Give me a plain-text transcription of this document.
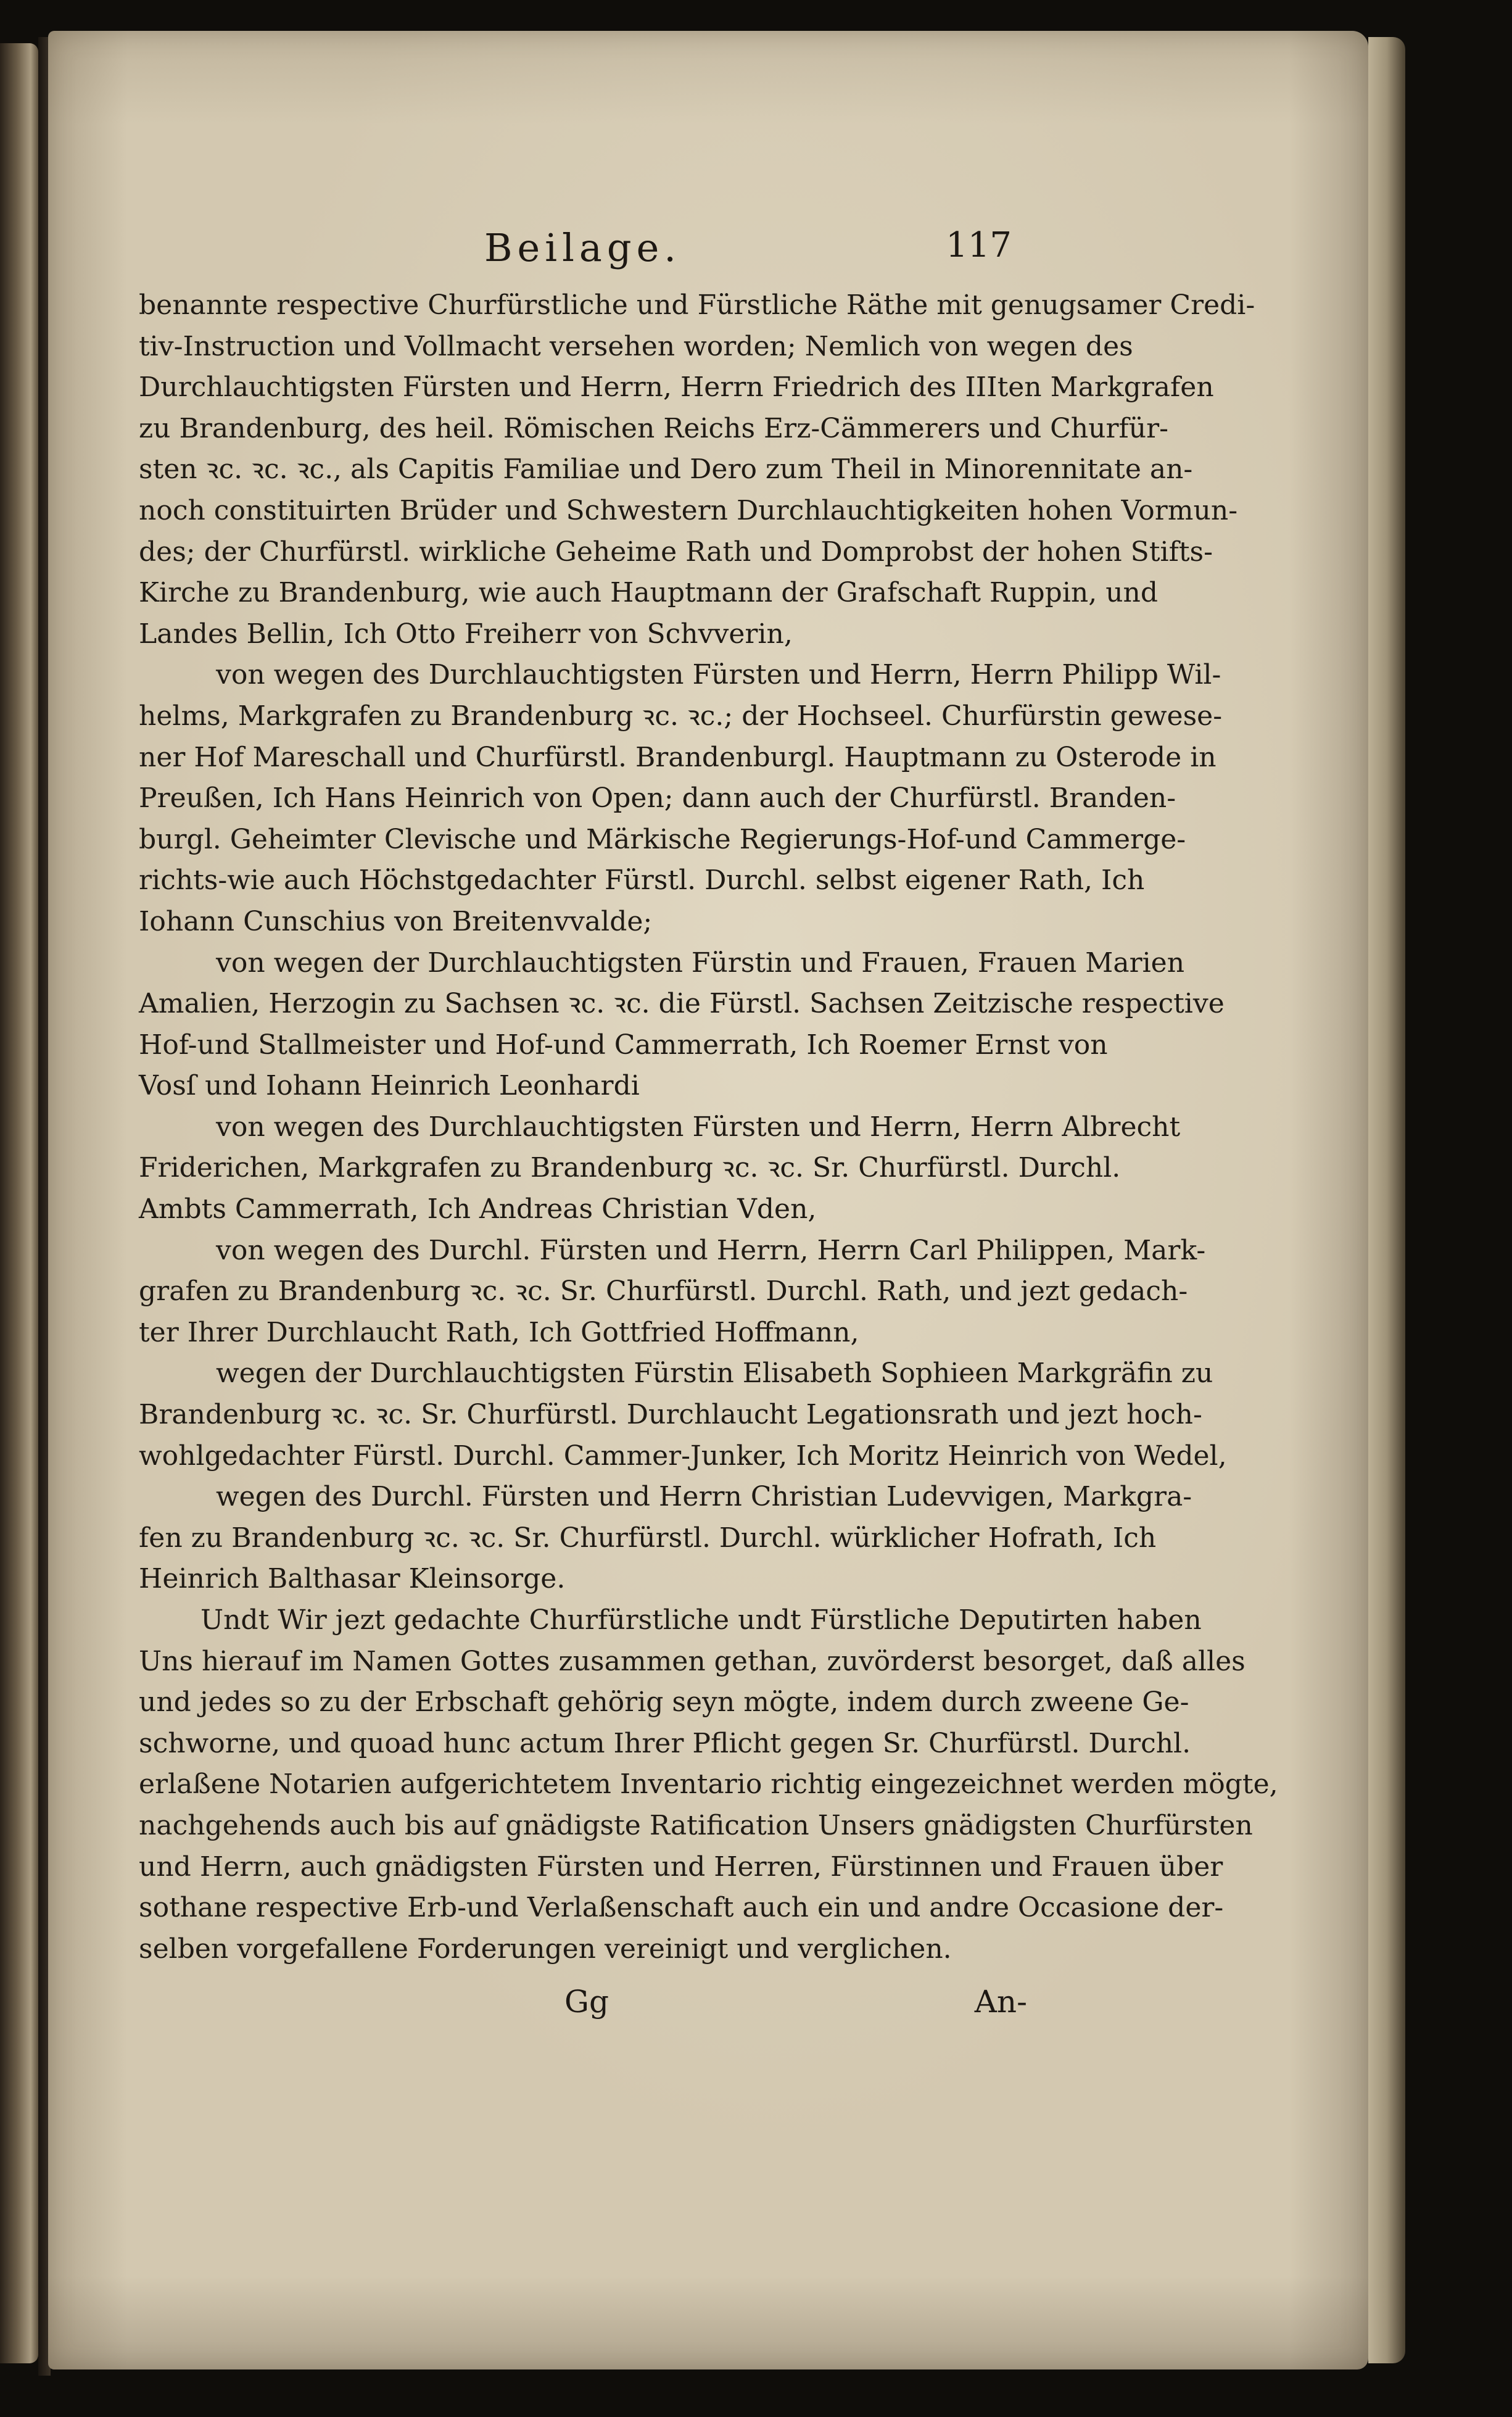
Beilage.	117
benannte respective Churfürstliche und Fürstliche Räthe mit genugsamer Credi-
tiv-Instruction und Vollmacht versehen worden; Nemlich von wegen des
Durchlauchtigsten Fürsten und Herrn, Herrn Friedrich des IIIten Markgrafen
zu Brandenburg, des heil. Römischen Reichs Erz-Cämmerers und Churfür-
sten ꝛc. ꝛc. ꝛc., als Capitis Familiae und Dero zum Theil in Minorennitate an-
noch constituirten Brüder und Schwestern Durchlauchtigkeiten hohen Vormun-
des; der Churfürstl. wirkliche Geheime Rath und Domprobst der hohen Stifts-
Kirche zu Brandenburg, wie auch Hauptmann der Grafschaft Ruppin, und
Landes Bellin, Ich Otto Freiherr von Schvverin,
von wegen des Durchlauchtigsten Fürsten und Herrn, Herrn Philipp Wil-
helms, Markgrafen zu Brandenburg ꝛc. ꝛc.; der Hochseel. Churfürstin gewese-
ner Hof Mareschall und Churfürstl. Brandenburgl. Hauptmann zu Osterode in
Preußen, Ich Hans Heinrich von Open; dann auch der Churfürstl. Branden-
burgl. Geheimter Clevische und Märkische Regierungs-Hof-und Cammerge-
richts-wie auch Höchstgedachter Fürstl. Durchl. selbst eigener Rath, Ich
Iohann Cunschius von Breitenvvalde;
von wegen der Durchlauchtigsten Fürstin und Frauen, Frauen Marien
Amalien, Herzogin zu Sachsen ꝛc. ꝛc. die Fürstl. Sachsen Zeitzische respective
Hof-und Stallmeister und Hof-und Cammerrath, Ich Roemer Ernst von
Vosſ und Iohann Heinrich Leonhardi
von wegen des Durchlauchtigsten Fürsten und Herrn, Herrn Albrecht
Friderichen, Markgrafen zu Brandenburg ꝛc. ꝛc. Sr. Churfürstl. Durchl.
Ambts Cammerrath, Ich Andreas Christian Vden,
von wegen des Durchl. Fürsten und Herrn, Herrn Carl Philippen, Mark-
grafen zu Brandenburg ꝛc. ꝛc. Sr. Churfürstl. Durchl. Rath, und jezt gedach-
ter Ihrer Durchlaucht Rath, Ich Gottfried Hoffmann,
wegen der Durchlauchtigsten Fürstin Elisabeth Sophieen Markgräfin zu
Brandenburg ꝛc. ꝛc. Sr. Churfürstl. Durchlaucht Legationsrath und jezt hoch-
wohlgedachter Fürstl. Durchl. Cammer-Junker, Ich Moritz Heinrich von Wedel,
wegen des Durchl. Fürsten und Herrn Christian Ludevvigen, Markgra-
fen zu Brandenburg ꝛc. ꝛc. Sr. Churfürstl. Durchl. würklicher Hofrath, Ich
Heinrich Balthasar Kleinsorge.
Undt Wir jezt gedachte Churfürstliche undt Fürstliche Deputirten haben
Uns hierauf im Namen Gottes zusammen gethan, zuvörderst besorget, daß alles
und jedes so zu der Erbschaft gehörig seyn mögte, indem durch zweene Ge-
schworne, und quoad hunc actum Ihrer Pflicht gegen Sr. Churfürstl. Durchl.
erlaßene Notarien aufgerichtetem Inventario richtig eingezeichnet werden mögte,
nachgehends auch bis auf gnädigste Ratification Unsers gnädigsten Churfürsten
und Herrn, auch gnädigsten Fürsten und Herren, Fürstinnen und Frauen über
sothane respective Erb-und Verlaßenschaft auch ein und andre Occasione der-
selben vorgefallene Forderungen vereinigt und verglichen.
Gg	An-
